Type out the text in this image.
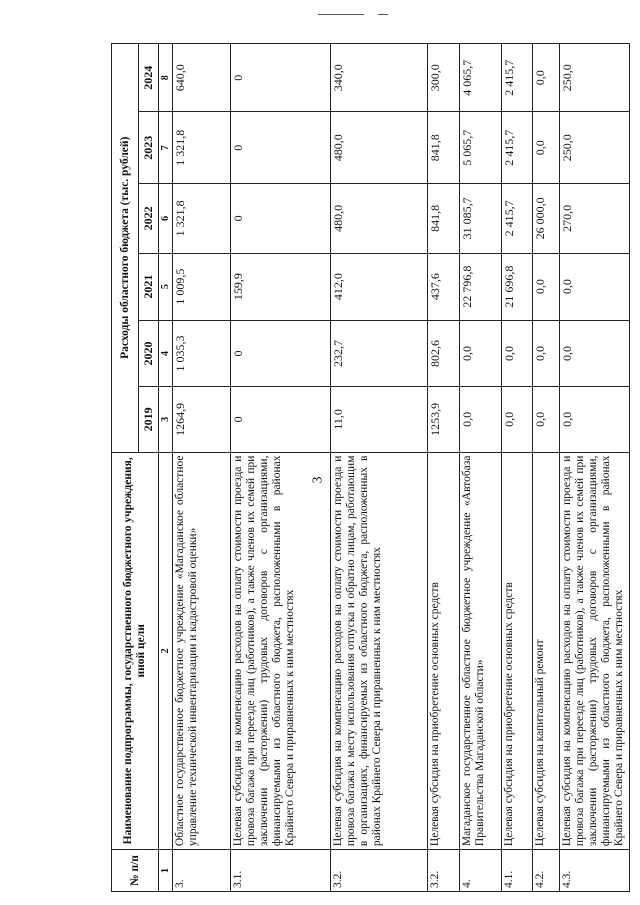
3
№ п/п	Наименование подпрограммы, государственного бюджетного учреждения, иной цели	Расходы областного бюджета (тыс. рублей)					
		2019	2020	2021	2022	2023	2024
1	2	3	4	5	6	7	8
3.	Областное государственное бюджетное учреждение «Магаданское областное управление технической инвентаризации и кадастровой оценки»	1264,9	1 035,3	1 009,5	1 321,8	1 321,8	640,0
3.1.	Целевая субсидия на компенсацию расходов на оплату стоимости проезда и провоза багажа при переезде лиц (работников), а также членов их семей при заключении (расторжении) трудовых договоров с организациями, финансируемыми из областного бюджета, расположенными в районах Крайнего Севера и приравненных к ним местностях	0	0	159,9	0	0	0
3.2.	Целевая субсидия на компенсацию расходов на оплату стоимости проезда и провоза багажа к месту использования отпуска и обратно лицам, работающим в организациях, финансируемых из областного бюджета, расположенных в районах Крайнего Севера и приравненных к ним местностях	11,0	232,7	412,0	480,0	480,0	340,0
3.2.	Целевая субсидия на приобретение основных средств	1253,9	802,6	437,6	841,8	841,8	300,0
4.	Магаданское государственное областное бюджетное учреждение «Автобаза Правительства Магаданской области»	0,0	0,0	22 796,8	31 085,7	5 065,7	4 065,7
4.1.	Целевая субсидия на приобретение основных средств	0,0	0,0	21 696,8	2 415,7	2 415,7	2 415,7
4.2.	Целевая субсидия на капитальный ремонт	0,0	0,0	0,0	26 000,0	0,0	0,0
4.3.	Целевая субсидия на компенсацию расходов на оплату стоимости проезда и провоза багажа при переезде лиц (работников), а также членов их семей при заключении (расторжении) трудовых договоров с организациями, финансируемыми из областного бюджета, расположенными в районах Крайнего Севера и приравненных к ним местностях	0,0	0,0	0,0	270,0	250,0	250,0
